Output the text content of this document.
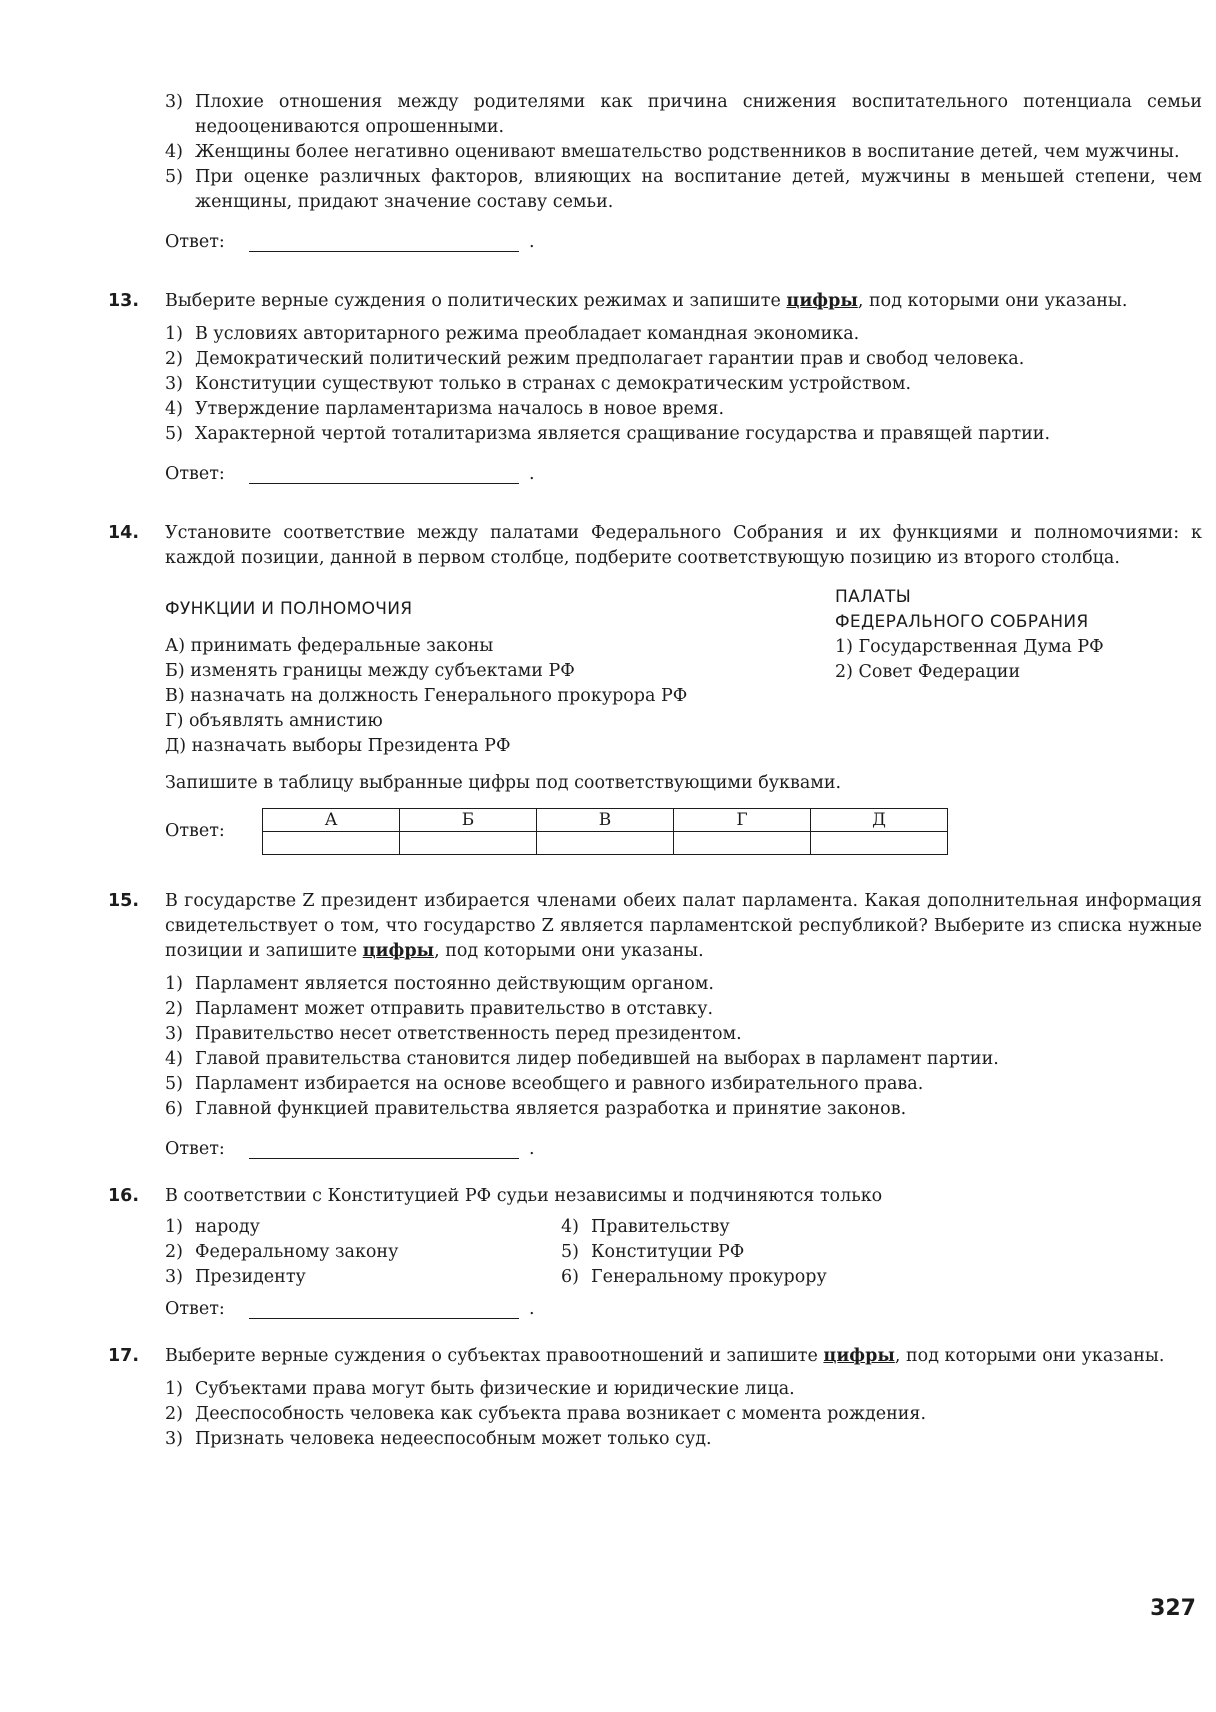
3) Плохие отношения между родителями как причина снижения воспитательного потенциала семьи недооцениваются опрошенными.
4) Женщины более негативно оценивают вмешательство родственников в воспитание детей, чем мужчины.
5) При оценке различных факторов, влияющих на воспитание детей, мужчины в меньшей степени, чем женщины, придают значение составу семьи.
Ответ:	.
13. Выберите верные суждения о политических режимах и запишите цифры, под которыми они указаны.
1) В условиях авторитарного режима преобладает командная экономика.
2) Демократический политический режим предполагает гарантии прав и свобод человека.
3) Конституции существуют только в странах с демократическим устройством.
4) Утверждение парламентаризма началось в новое время.
5) Характерной чертой тоталитаризма является сращивание государства и правящей партии.
Ответ:	.
14. Установите соответствие между палатами Федерального Собрания и их функциями и полномочиями: к каждой позиции, данной в первом столбце, подберите соответствующую позицию из второго столбца.
ФУНКЦИИ И ПОЛНОМОЧИЯ
А) принимать федеральные законы
Б) изменять границы между субъектами РФ
В) назначать на должность Генерального прокурора РФ
Г) объявлять амнистию
Д) назначать выборы Президента РФ
ПАЛАТЫ
ФЕДЕРАЛЬНОГО СОБРАНИЯ
1) Государственная Дума РФ
2) Совет Федерации
Запишите в таблицу выбранные цифры под соответствующими буквами.
Ответ:
А	Б	В	Г	Д

15. В государстве Z президент избирается членами обеих палат парламента. Какая дополнительная информация свидетельствует о том, что государство Z является парламентской республикой? Выберите из списка нужные позиции и запишите цифры, под которыми они указаны.
1) Парламент является постоянно действующим органом.
2) Парламент может отправить правительство в отставку.
3) Правительство несет ответственность перед президентом.
4) Главой правительства становится лидер победившей на выборах в парламент партии.
5) Парламент избирается на основе всеобщего и равного избирательного права.
6) Главной функцией правительства является разработка и принятие законов.
Ответ:	.
16. В соответствии с Конституцией РФ судьи независимы и подчиняются только
1) народу	4) Правительству
2) Федеральному закону	5) Конституции РФ
3) Президенту	6) Генеральному прокурору
Ответ:	.
17. Выберите верные суждения о субъектах правоотношений и запишите цифры, под которыми они указаны.
1) Субъектами права могут быть физические и юридические лица.
2) Дееспособность человека как субъекта права возникает с момента рождения.
3) Признать человека недееспособным может только суд.
327
